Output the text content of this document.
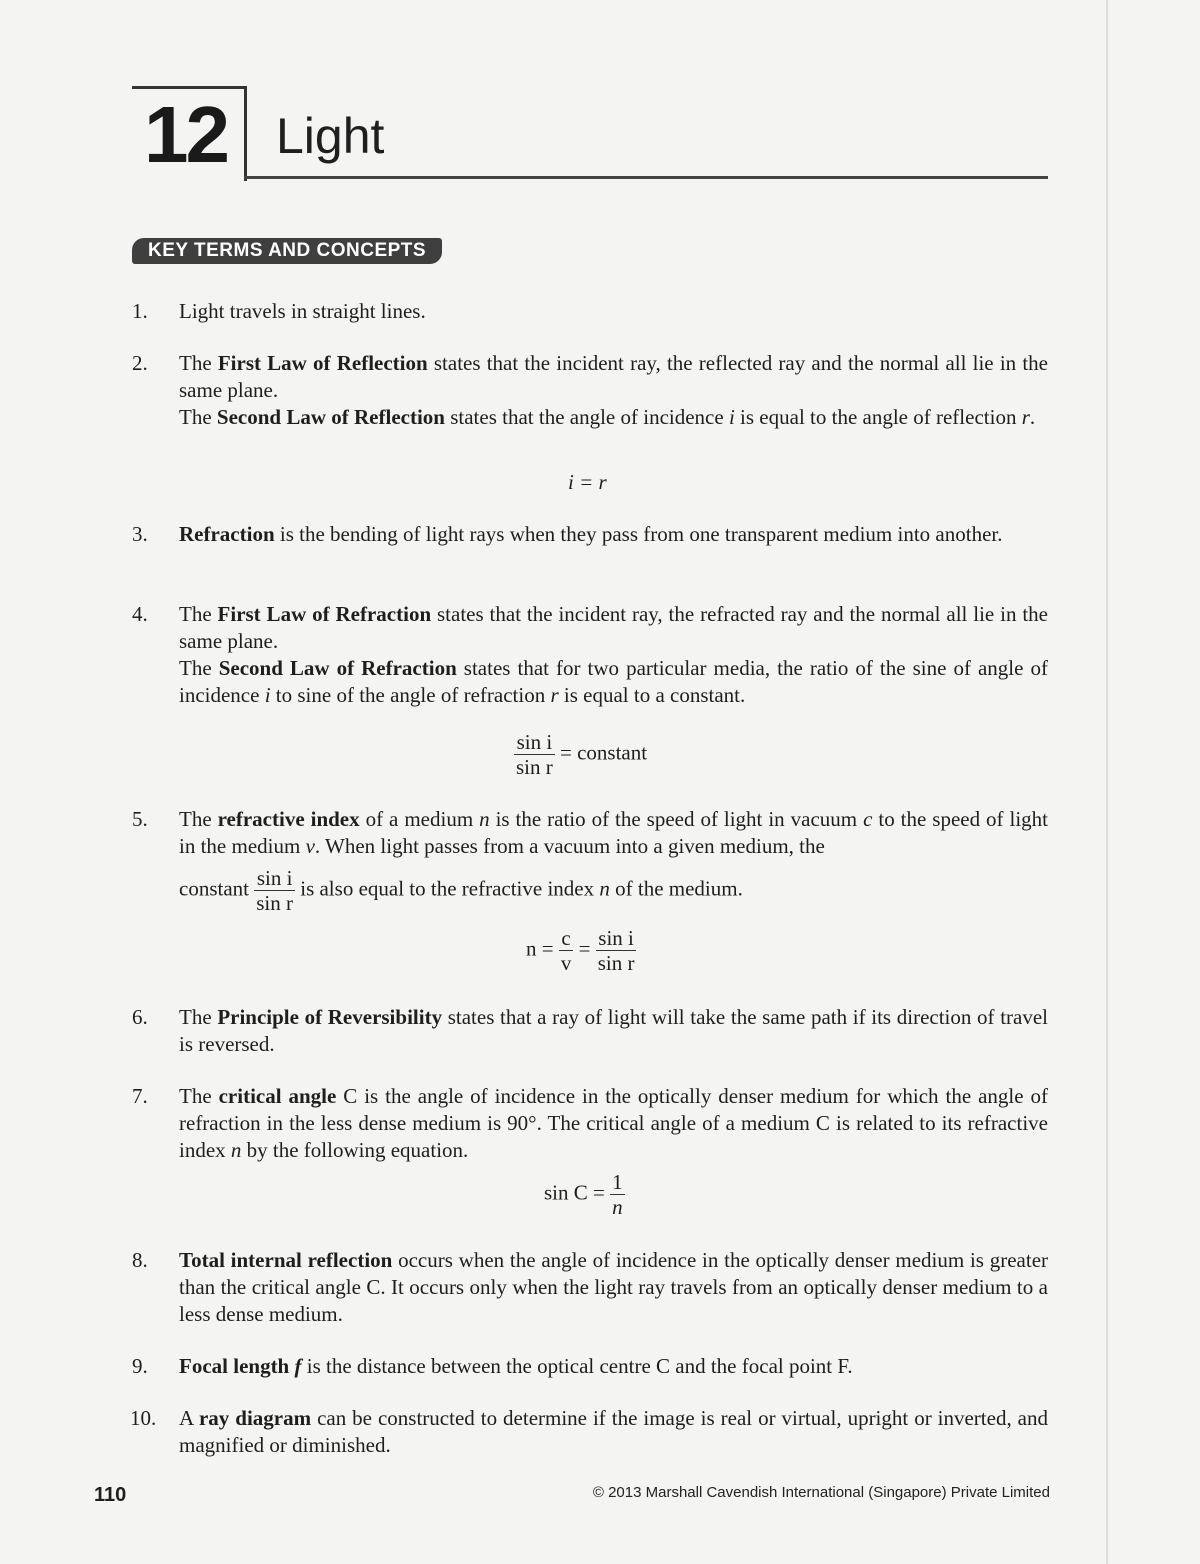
12 Light
KEY TERMS AND CONCEPTS
1.	Light travels in straight lines.

2.	The First Law of Reflection states that the incident ray, the reflected ray and the normal all lie in the same plane.

The Second Law of Reflection states that the angle of incidence i is equal to the angle of reflection r.

i = r
3.	Refraction is the bending of light rays when they pass from one transparent medium into another.

4.	The First Law of Refraction states that the incident ray, the refracted ray and the normal all lie in the same plane.

The Second Law of Refraction states that for two particular media, the ratio of the sine of angle of incidence i to sine of the angle of refraction r is equal to a constant.

$\frac{\text{sin i}}{\text{sin r}}$ = constant
5.	The refractive index of a medium n is the ratio of the speed of light in vacuum c to the speed of light in the medium v. When light passes from a vacuum into a given medium, the

constant $\frac{\text{sin i}}{\text{sin r}}$ is also equal to the refractive index n of the medium.

$n = \frac{c}{v} = \frac{\text{sin i}}{\text{sin r}}$
6.	The Principle of Reversibility states that a ray of light will take the same path if its direction of travel is reversed.

7.	The critical angle C is the angle of incidence in the optically denser medium for which the angle of refraction in the less dense medium is 90°. The critical angle of a medium C is related to its refractive index n by the following equation.

$\sin C = \frac{1}{n}$
8.	Total internal reflection occurs when the angle of incidence in the optically denser medium is greater than the critical angle C. It occurs only when the light ray travels from an optically denser medium to a less dense medium.

9.	Focal length f is the distance between the optical centre C and the focal point F.

10.	A ray diagram can be constructed to determine if the image is real or virtual, upright or inverted, and magnified or diminished.

110	© 2013 Marshall Cavendish International (Singapore) Private Limited
